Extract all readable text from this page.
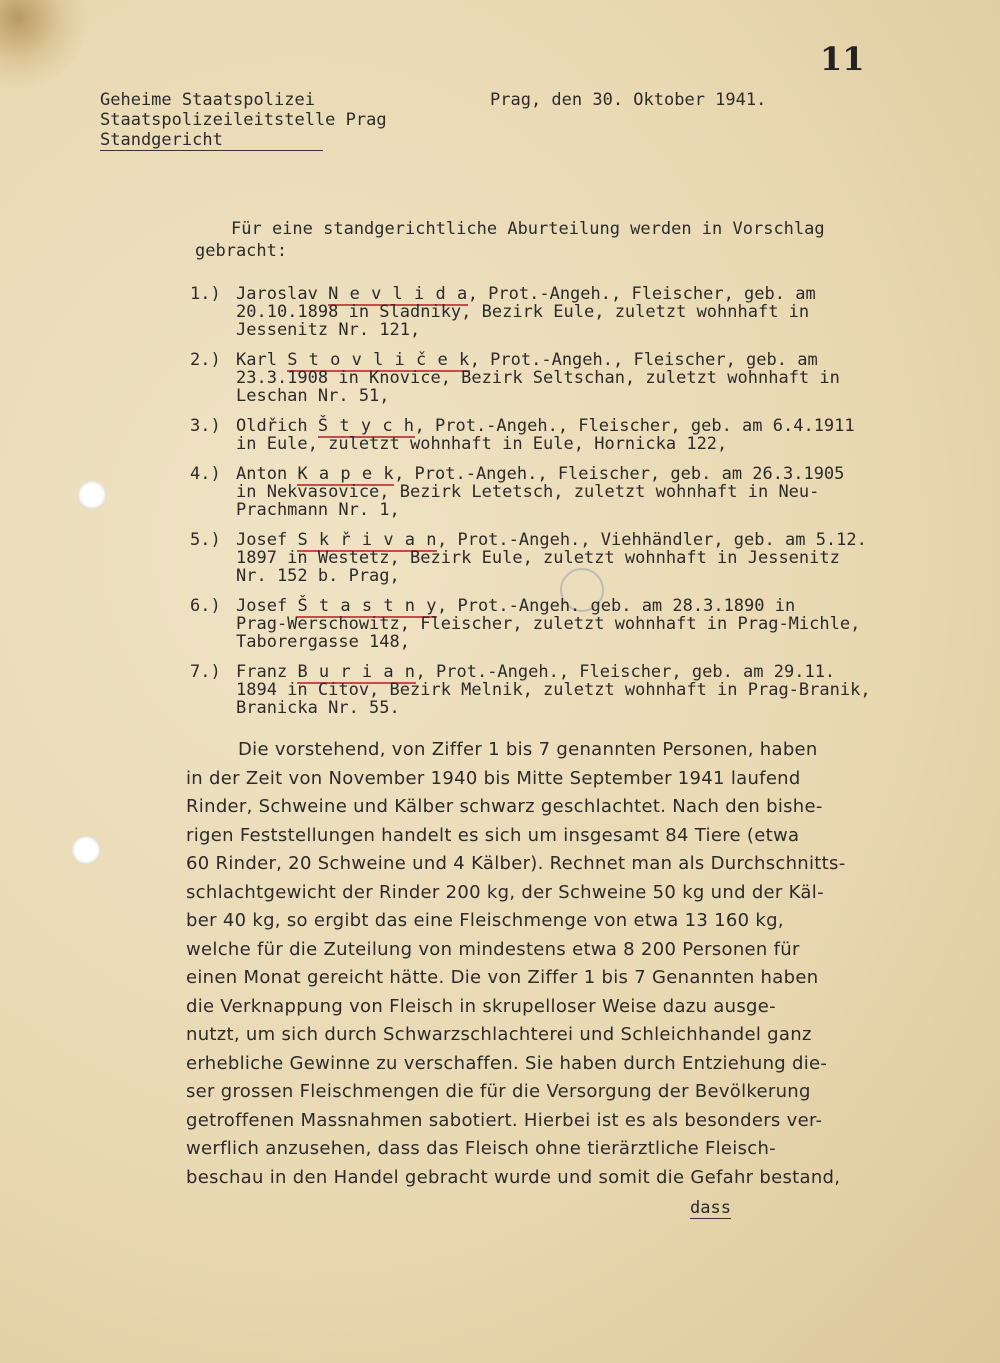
11
Geheime Staatspolizei
Staatspolizeileitstelle Prag
Standgericht
Prag, den 30. Oktober 1941.
Für eine standgerichtliche Aburteilung werden in Vorschlag
gebracht:
1.) Jaroslav N e v l i d a, Prot.-Angeh., Fleischer, geb. am
20.10.1898 in Sladniky, Bezirk Eule, zuletzt wohnhaft in
Jessenitz Nr. 121,
2.) Karl S t o v l i č e k, Prot.-Angeh., Fleischer, geb. am
23.3.1908 in Knovice, Bezirk Seltschan, zuletzt wohnhaft in
Leschan Nr. 51,
3.) Oldřich Š t y c h, Prot.-Angeh., Fleischer, geb. am 6.4.1911
in Eule, zuletzt wohnhaft in Eule, Hornicka 122,
4.) Anton K a p e k, Prot.-Angeh., Fleischer, geb. am 26.3.1905
in Nekvasovice, Bezirk Letetsch, zuletzt wohnhaft in Neu-
Prachmann Nr. 1,
5.) Josef S k ř i v a n, Prot.-Angeh., Viehhändler, geb. am 5.12.
1897 in Westetz, Bezirk Eule, zuletzt wohnhaft in Jessenitz
Nr. 152 b. Prag,
6.) Josef Š t a s t n y, Prot.-Angeh. geb. am 28.3.1890 in
Prag-Werschowitz, Fleischer, zuletzt wohnhaft in Prag-Michle,
Taborergasse 148,
7.) Franz B u r i a n, Prot.-Angeh., Fleischer, geb. am 29.11.
1894 in Citov, Bezirk Melnik, zuletzt wohnhaft in Prag-Branik,
Branicka Nr. 55.
Die vorstehend, von Ziffer 1 bis 7 genannten Personen, haben
in der Zeit von November 1940 bis Mitte September 1941 laufend
Rinder, Schweine und Kälber schwarz geschlachtet. Nach den bishe-
rigen Feststellungen handelt es sich um insgesamt 84 Tiere (etwa
60 Rinder, 20 Schweine und 4 Kälber). Rechnet man als Durchschnitts-
schlachtgewicht der Rinder 200 kg, der Schweine 50 kg und der Käl-
ber 40 kg, so ergibt das eine Fleischmenge von etwa 13 160 kg,
welche für die Zuteilung von mindestens etwa 8 200 Personen für
einen Monat gereicht hätte. Die von Ziffer 1 bis 7 Genannten haben
die Verknappung von Fleisch in skrupelloser Weise dazu ausge-
nutzt, um sich durch Schwarzschlachterei und Schleichhandel ganz
erhebliche Gewinne zu verschaffen. Sie haben durch Entziehung die-
ser grossen Fleischmengen die für die Versorgung der Bevölkerung
getroffenen Massnahmen sabotiert. Hierbei ist es als besonders ver-
werflich anzusehen, dass das Fleisch ohne tierärztliche Fleisch-
beschau in den Handel gebracht wurde und somit die Gefahr bestand,
dass
